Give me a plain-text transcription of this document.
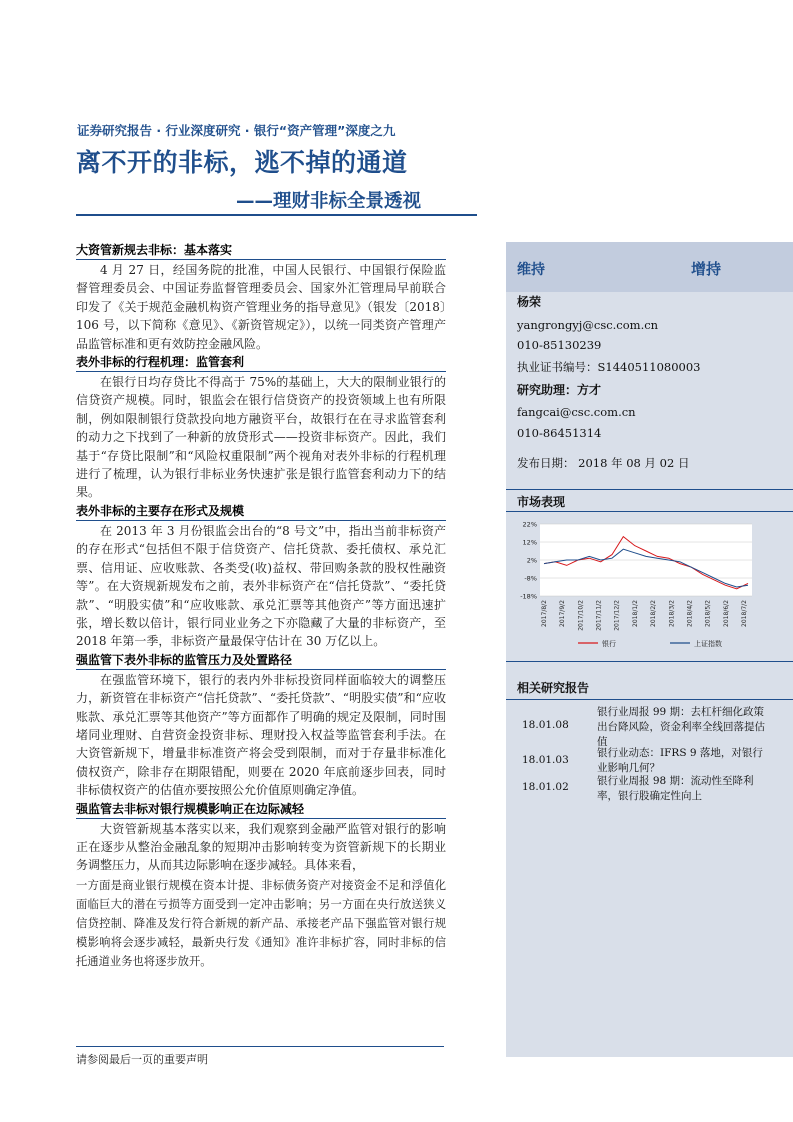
证券研究报告 · 行业深度研究 · 银行“资产管理”深度之九
离不开的非标，逃不掉的通道
——理财非标全景透视
大资管新规去非标：基本落实

4 月 27 日，经国务院的批准，中国人民银行、中国银行保险监督管理委员会、中国证券监督管理委员会、国家外汇管理局早前联合印发了《关于规范金融机构资产管理业务的指导意见》（银发〔2018〕106 号，以下简称《意见》、《新资管规定》），以统一同类资产管理产品监管标准和更有效防控金融风险。

表外非标的行程机理：监管套利

在银行日均存贷比不得高于 75%的基础上，大大的限制业银行的信贷资产规模。同时，银监会在银行信贷资产的投资领域上也有所限制，例如限制银行贷款投向地方融资平台，故银行在在寻求监管套利的动力之下找到了一种新的放贷形式——投资非标资产。因此，我们基于“存贷比限制”和“风险权重限制”两个视角对表外非标的行程机理进行了梳理，认为银行非标业务快速扩张是银行监管套利动力下的结果。

表外非标的主要存在形式及规模

在 2013 年 3 月份银监会出台的“8 号文”中，指出当前非标资产的存在形式“包括但不限于信贷资产、信托贷款、委托债权、承兑汇票、信用证、应收账款、各类受(收)益权、带回购条款的股权性融资等”。在大资规新规发布之前，表外非标资产在“信托贷款”、“委托贷款”、“明股实债”和“应收账款、承兑汇票等其他资产”等方面迅速扩张，增长数以倍计，银行同业业务之下亦隐藏了大量的非标资产，至 2018 年第一季，非标资产量最保守估计在 30 万亿以上。

强监管下表外非标的监管压力及处置路径

在强监管环境下，银行的表内外非标投资同样面临较大的调整压力，新资管在非标资产“信托贷款”、“委托贷款”、“明股实债”和“应收账款、承兑汇票等其他资产”等方面都作了明确的规定及限制，同时围堵同业理财、自营资金投资非标、理财投入权益等监管套利手法。在大资管新规下，增量非标准资产将会受到限制，而对于存量非标准化债权资产，除非存在期限错配，则要在 2020 年底前逐步回表，同时非标债权资产的估值亦要按照公允价值原则确定净值。

强监管去非标对银行规模影响正在边际减轻

大资管新规基本落实以来，我们观察到金融严监管对银行的影响正在逐步从整治金融乱象的短期冲击影响转变为资管新规下的长期业务调整压力，从而其边际影响在逐步减轻。具体来看，

一方面是商业银行规模在资本计提、非标债务资产对接资金不足和浮值化面临巨大的潜在亏损等方面受到一定冲击影响；另一方面在央行放送狭义信贷控制、降准及发行符合新规的新产品、承接老产品下强监管对银行规模影响将会逐步减轻，最新央行发《通知》准许非标扩容，同时非标的信托通道业务也将逐步放开。

维持	增持
杨荣
yangrongyj@csc.com.cn
010-85130239
执业证书编号：S1440511080003
研究助理：方才
fangcai@csc.com.cn
010-86451314
发布日期： 2018 年 08 月 02 日
市场表现
22%
12%
2%
-8%
-18%
2017/8/2 2017/9/2 2017/10/2 2017/11/2 2017/12/2 2018/1/2 2018/2/2 2018/3/2 2018/4/2 2018/5/2 2018/6/2 2018/7/2
银行	上证指数
相关研究报告
18.01.08
银行业周报 99 期：去杠杆细化政策出台降风险，资金利率全线回落提估值
18.01.03
银行业动态：IFRS 9 落地，对银行业影响几何？
18.01.02	银行业周报 98 期：流动性至降利率，银行股确定性向上
请参阅最后一页的重要声明
